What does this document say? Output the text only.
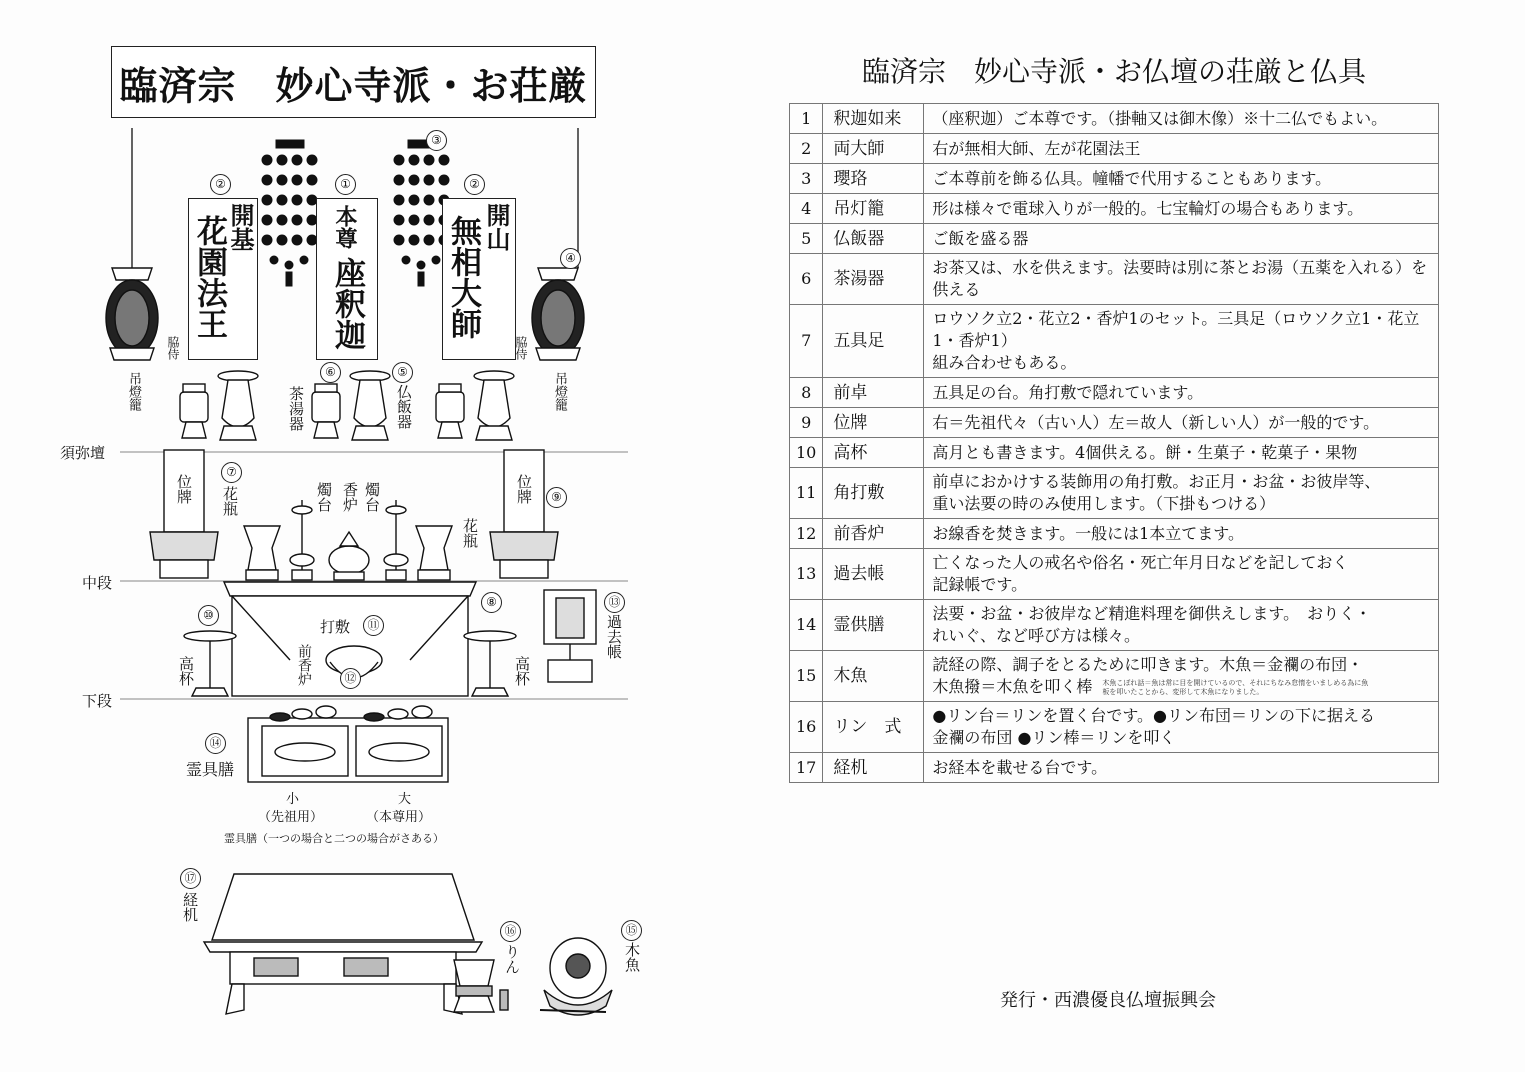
臨済宗　妙心寺派・お荘厳
開基
花園法王	本尊
座釈迦
開山
無相大師
①
②	②
③
④
⑤
⑥
⑦
⑧
⑨
⑩
⑪
⑫
⑬
⑭
⑮
⑯
⑰
脇侍	脇侍
吊燈籠	吊燈籠
茶湯器	仏飯器
須弥壇
位牌	位牌
花瓶
花瓶
燭台 燭台
香炉
中段
打敷
前香炉
高杯	高杯
過去帳
下段
霊具膳
小
（先祖用）
大
（本尊用）
霊具膳（一つの場合と二つの場合がさある）
経机
りん	木魚
臨済宗　妙心寺派・お仏壇の荘厳と仏具
1	釈迦如来	（座釈迦）ご本尊です。（掛軸又は御木像）※十二仏でもよい。

2	両大師	右が無相大師、左が花園法王

3	瓔珞	ご本尊前を飾る仏具。幢幡で代用することもあります。

4	吊灯籠	形は様々で電球入りが一般的。七宝輪灯の場合もあります。

5	仏飯器	ご飯を盛る器

6	茶湯器	お茶又は、水を供えます。法要時は別に茶とお湯（五薬を入れる）を供える

7	五具足	ロウソク立2・花立2・香炉1のセット。三具足（ロウソク立1・花立1・香炉1）
組み合わせもある。

8	前卓	五具足の台。角打敷で隠れています。

9	位牌	右＝先祖代々（古い人）左＝故人（新しい人）が一般的です。

10	高杯	高月とも書きます。4個供える。餅・生菓子・乾菓子・果物

11	角打敷	前卓におかけする装飾用の角打敷。お正月・お盆・お彼岸等、
重い法要の時のみ使用します。（下掛もつける）

12	前香炉	お線香を焚きます。一般には1本立てます。

13	過去帳	亡くなった人の戒名や俗名・死亡年月日などを記しておく
記録帳です。

14	霊供膳	法要・お盆・お彼岸など精進料理を御供えします。　おりく・
れいぐ、など呼び方は様々。

15	木魚	読経の際、調子をとるために叩きます。木魚＝金襴の布団・
木魚撥＝木魚を叩く棒 木魚こぼれ話＝魚は常に目を開けているので、それにちなみ怠惰をいましめる為に魚板を叩いたことから、変形して木魚になりました。

16	リン　式	●リン台＝リンを置く台です。●リン布団＝リンの下に据える
金襴の布団 ●リン棒＝リンを叩く

17	経机	お経本を載せる台です。
発行・西濃優良仏壇振興会
